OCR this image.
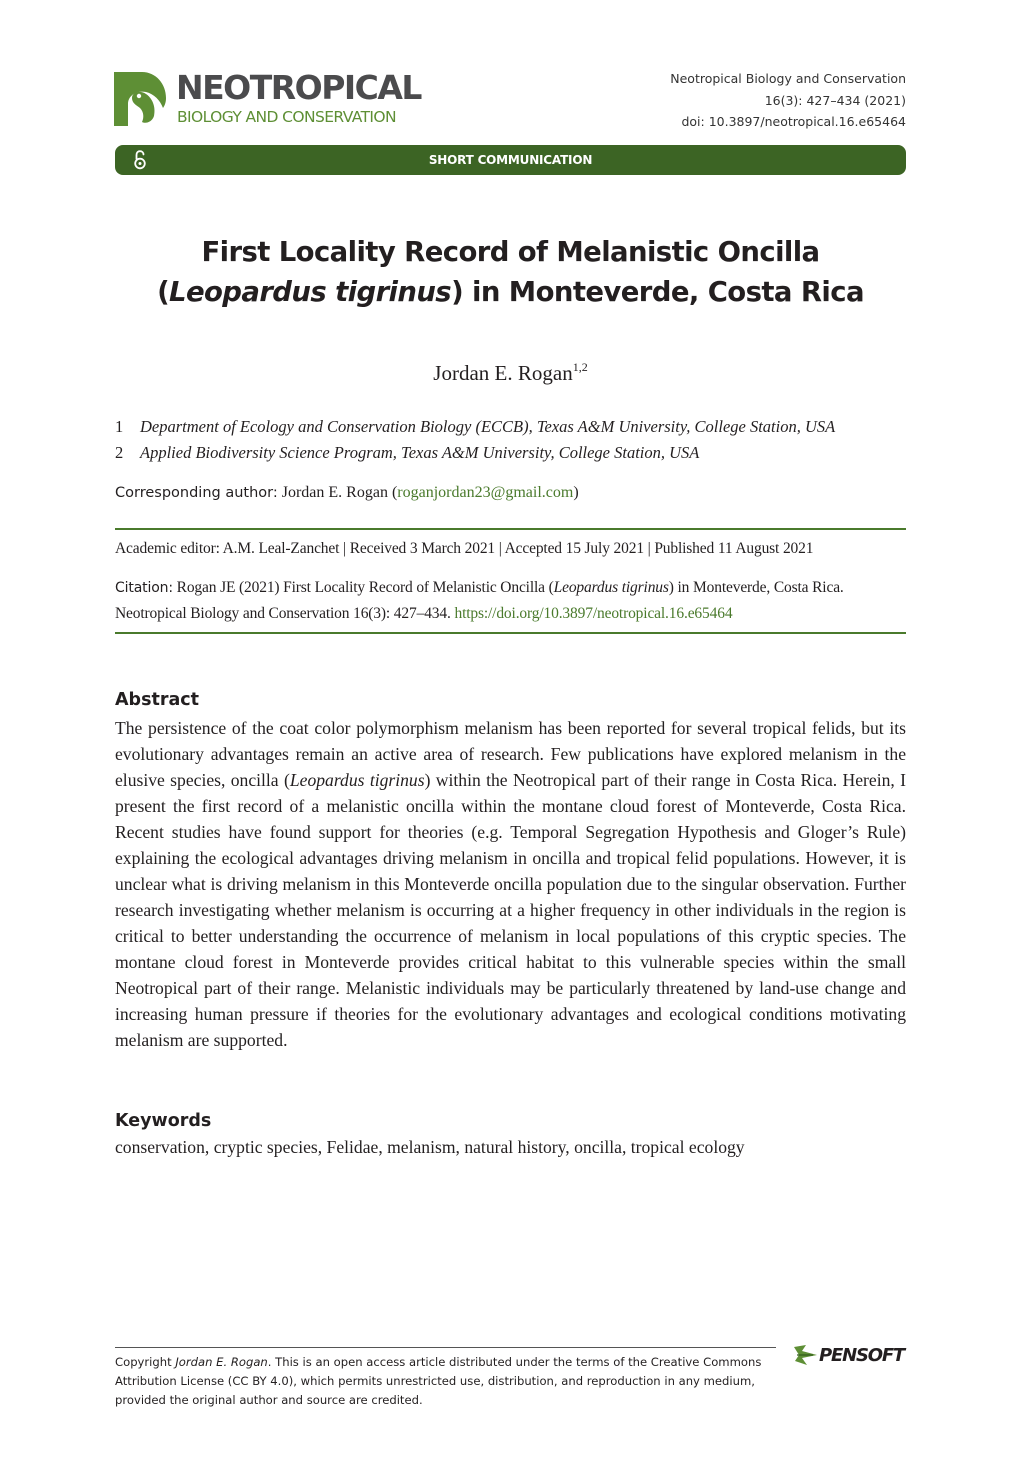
NEOTROPICAL
BIOLOGY AND CONSERVATION
Neotropical Biology and Conservation
16(3): 427–434 (2021)
doi: 10.3897/neotropical.16.e65464
SHORT COMMUNICATION
First Locality Record of Melanistic Oncilla
(Leopardus tigrinus) in Monteverde, Costa Rica
Jordan E. Rogan$^{1,2}$
1 Department of Ecology and Conservation Biology (ECCB), Texas A&M University, College Station, USA
2 Applied Biodiversity Science Program, Texas A&M University, College Station, USA
Corresponding author: Jordan E. Rogan (roganjordan23@gmail.com)
Academic editor: A.M. Leal-Zanchet | Received 3 March 2021 | Accepted 15 July 2021 | Published 11 August 2021
Citation: Rogan JE (2021) First Locality Record of Melanistic Oncilla (Leopardus tigrinus) in Monteverde, Costa Rica. Neotropical Biology and Conservation 16(3): 427–434. https://doi.org/10.3897/neotropical.16.e65464
Abstract
The persistence of the coat color polymorphism melanism has been reported for several tropical felids, but its evolutionary advantages remain an active area of research. Few publications have explored melanism in the elusive species, oncilla (Leopardus tigrinus) within the Neotropical part of their range in Costa Rica. Herein, I present the first record of a melanistic oncilla within the montane cloud forest of Monteverde, Costa Rica. Recent studies have found support for theories (e.g. Temporal Segregation Hypothesis and Gloger’s Rule) explaining the ecological advantages driving melanism in oncilla and tropical felid populations. However, it is unclear what is driving melanism in this Monteverde oncilla population due to the singular observation. Further research investigating whether melanism is occurring at a higher frequency in other individuals in the region is critical to better understanding the occurrence of melanism in local populations of this cryptic species. The montane cloud forest in Monteverde provides critical habitat to this vulnerable species within the small Neotropical part of their range. Melanistic individuals may be particularly threatened by land-use change and increasing human pressure if theories for the evolutionary advantages and ecological conditions motivating melanism are supported.
Keywords
conservation, cryptic species, Felidae, melanism, natural history, oncilla, tropical ecology
Copyright Jordan E. Rogan. This is an open access article distributed under the terms of the Creative Commons Attribution License (CC BY 4.0), which permits unrestricted use, distribution, and reproduction in any medium, provided the original author and source are credited.
PENSOFT
